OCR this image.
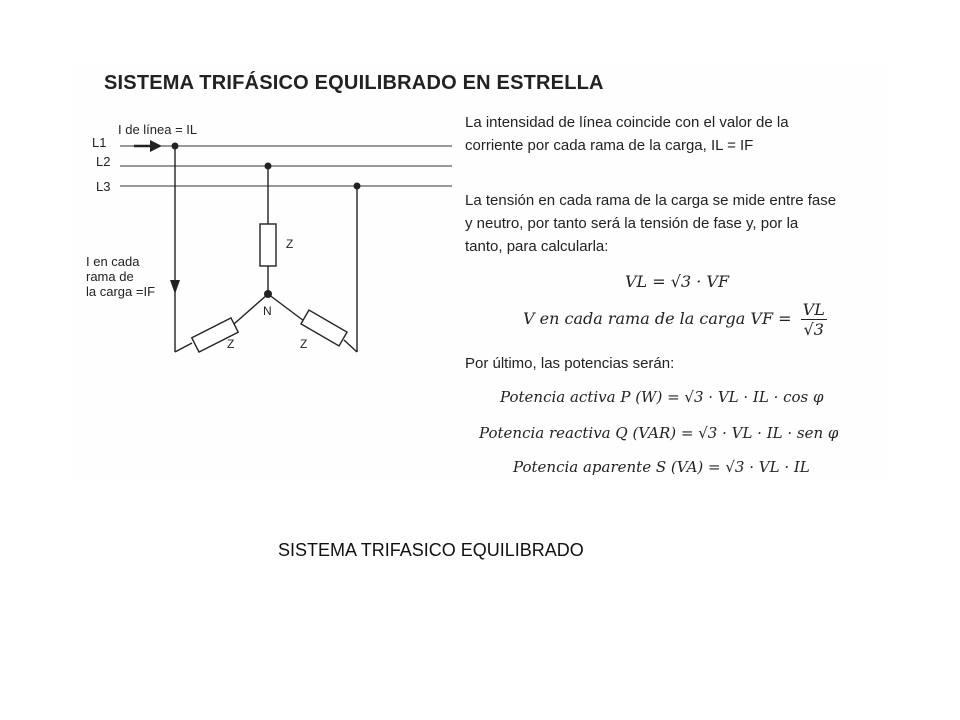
SISTEMA TRIFÁSICO EQUILIBRADO EN ESTRELLA
L1
L2
L3
I de línea = IL
Z
Z
N
Z
I en cada
rama de
la carga =IF
La intensidad de línea coincide con el valor de la
corriente por cada rama de la carga, IL = IF
La tensión en cada rama de la carga se mide entre fase
y neutro, por tanto será la tensión de fase y, por la
tanto, para calcularla:
VL = √3 · VF
V en cada rama de la carga VF = $\frac{VL}{√3}$
Por último, las potencias serán:
Potencia activa P (W) = √3 · VL · IL · cos φ
Potencia reactiva Q (VAR) = √3 · VL · IL · sen φ
Potencia aparente S (VA) = √3 · VL · IL
SISTEMA TRIFASICO EQUILIBRADO
